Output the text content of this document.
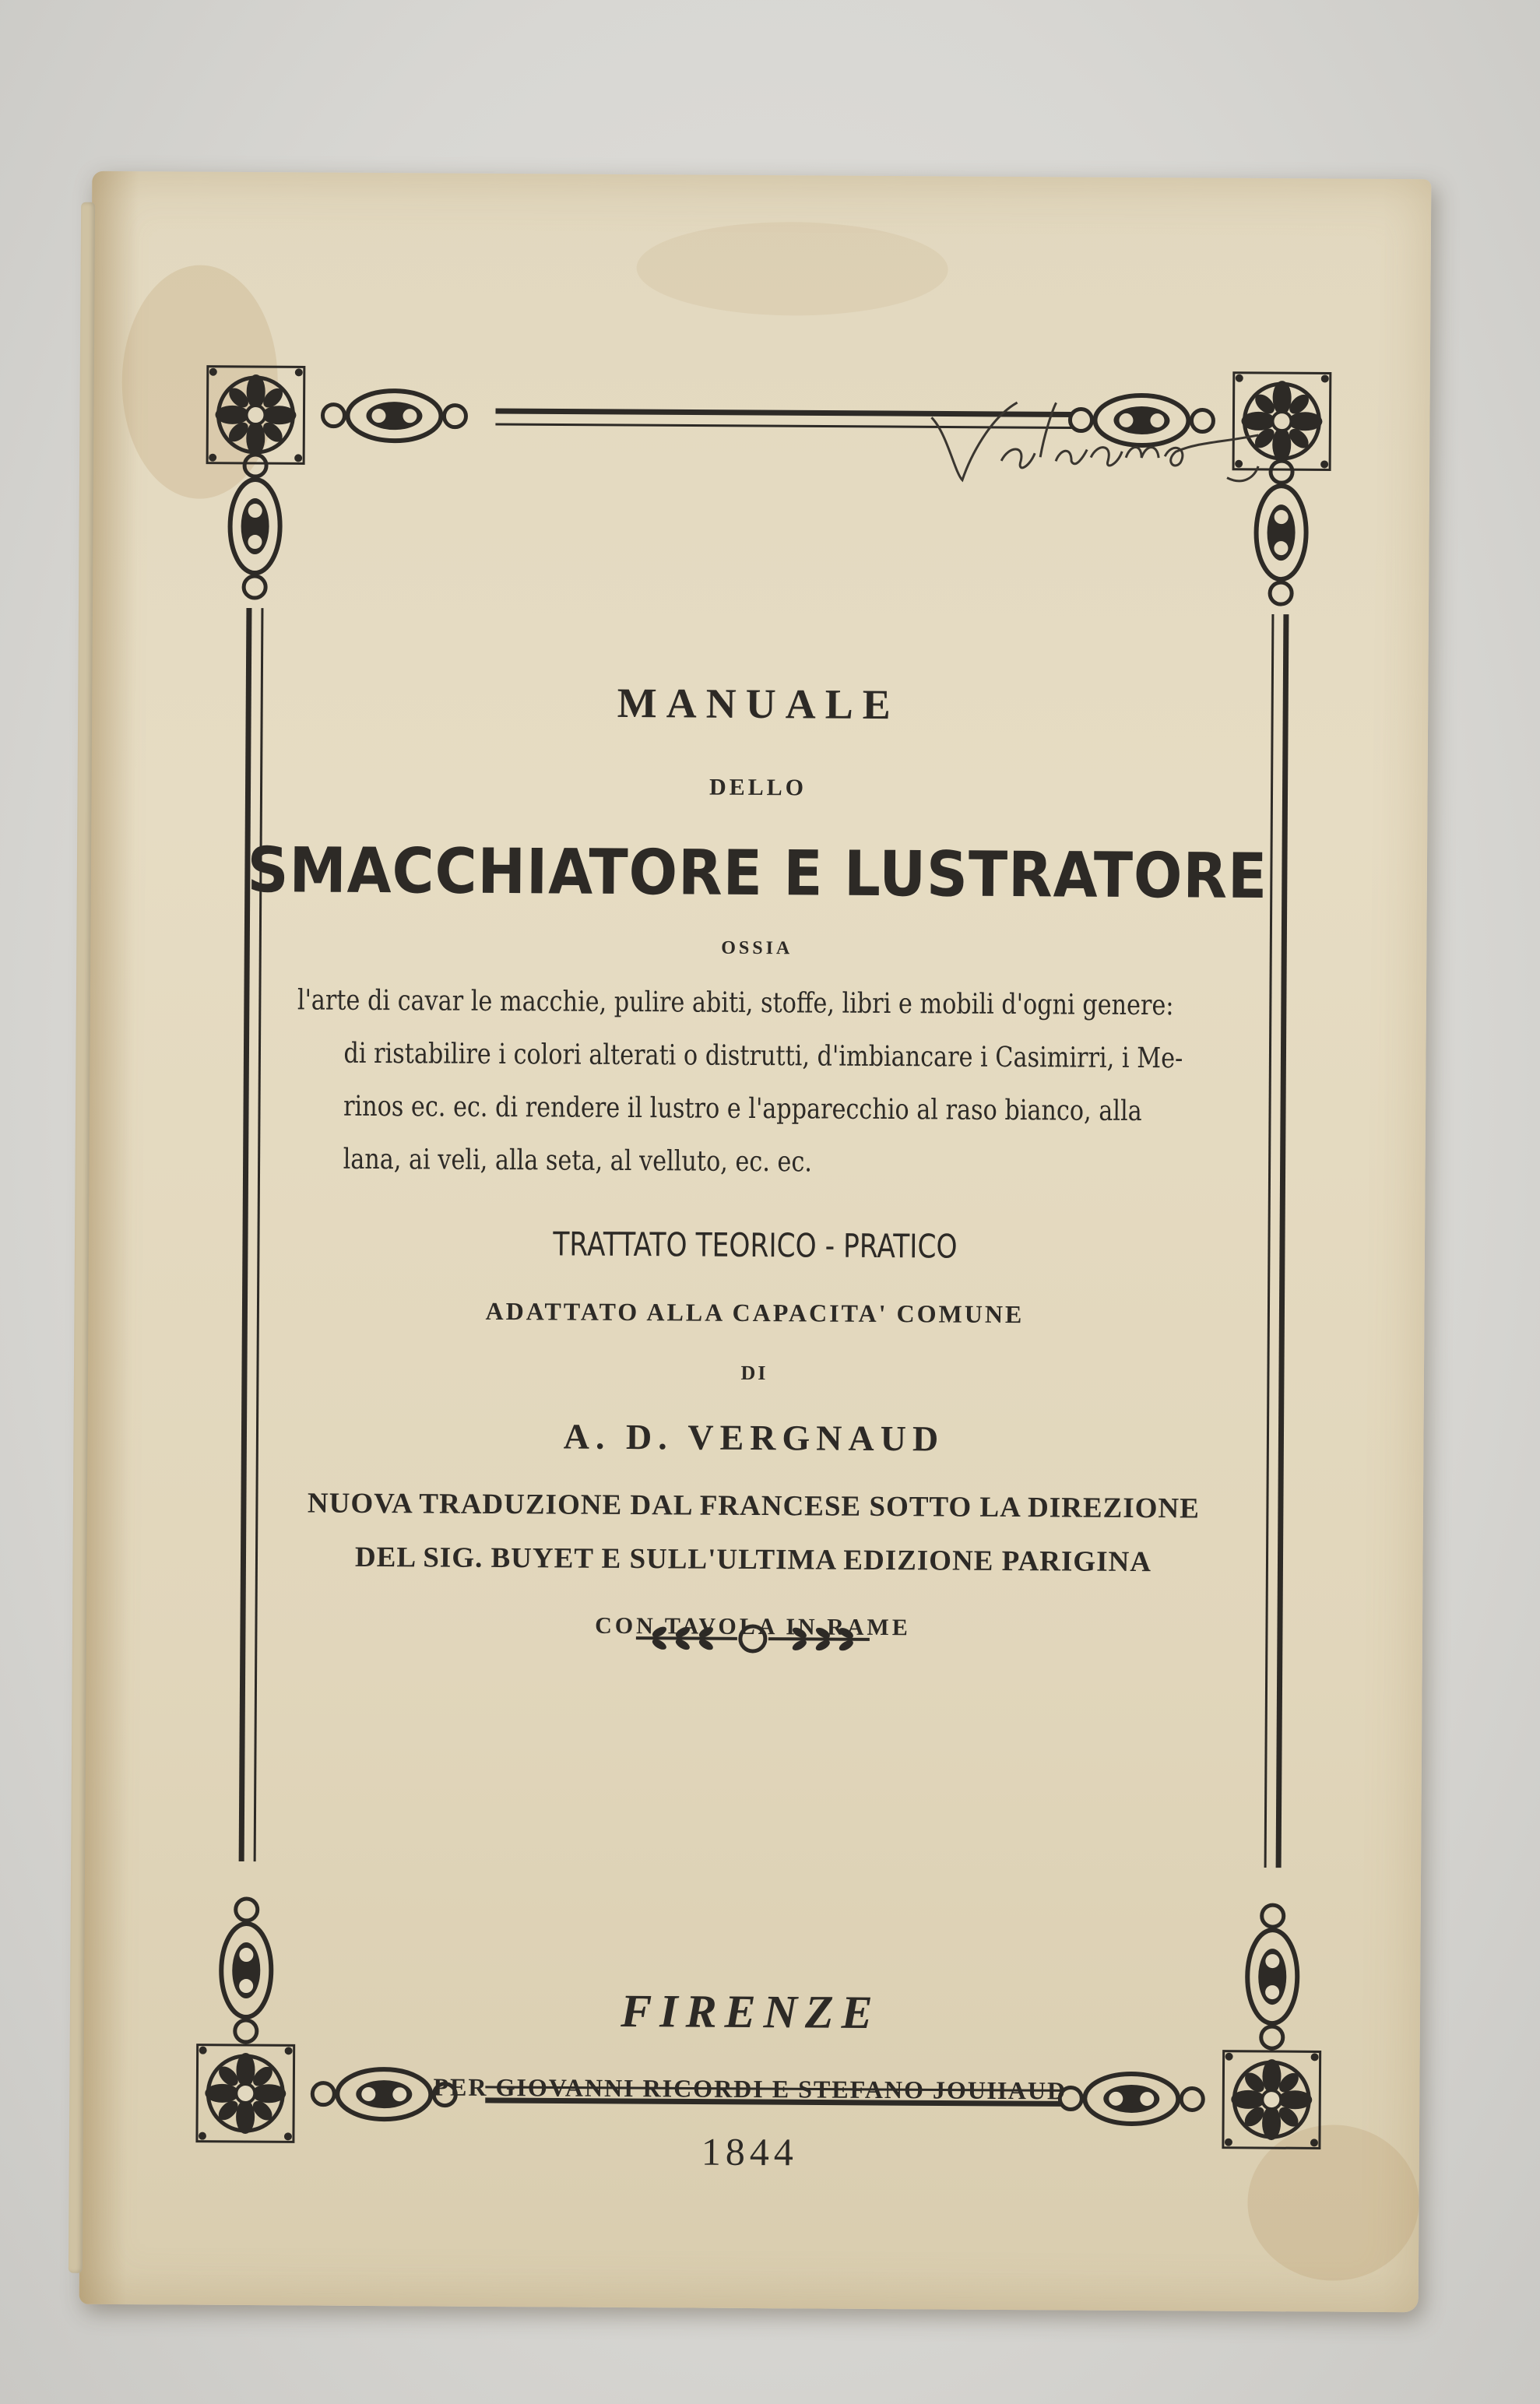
MANUALE
DELLO
SMACCHIATORE E LUSTRATORE
OSSIA
l'arte di cavar le macchie, pulire abiti, stoffe, libri e mobili d'ogni genere:
di ristabilire i colori alterati o distrutti, d'imbiancare i Casimirri, i Me-
rinos ec. ec. di rendere il lustro e l'apparecchio al raso bianco, alla
lana, ai veli, alla seta, al velluto, ec. ec.
TRATTATO TEORICO - PRATICO
ADATTATO ALLA CAPACITA' COMUNE
DI
A. D. VERGNAUD
NUOVA TRADUZIONE DAL FRANCESE SOTTO LA DIREZIONE
DEL SIG. BUYET E SULL'ULTIMA EDIZIONE PARIGINA
CON TAVOLA IN RAME
FIRENZE
PER GIOVANNI RICORDI E STEFANO JOUHAUD
1844
